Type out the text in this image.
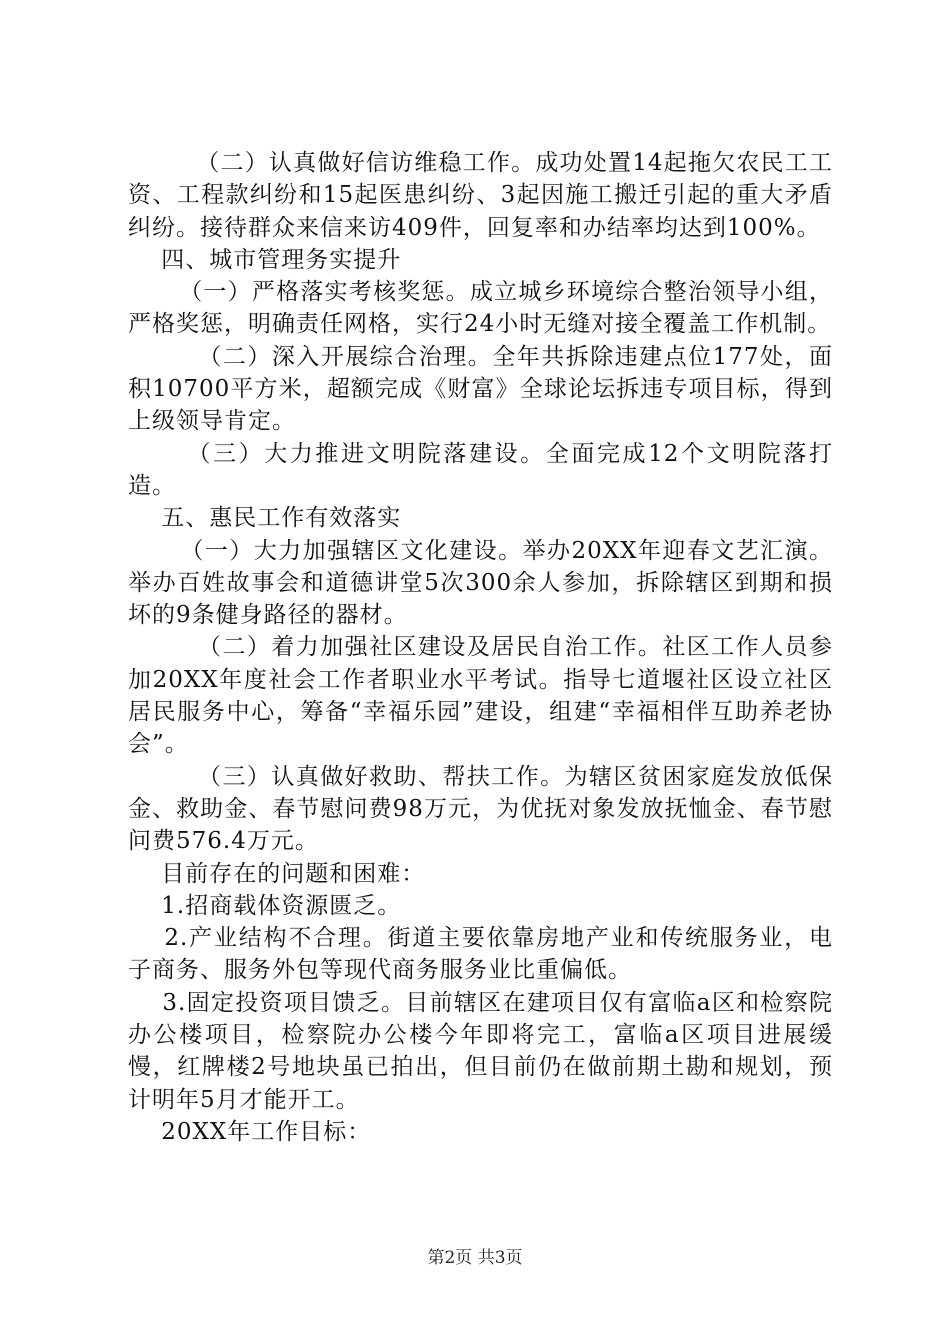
（二）认真做好信访维稳工作。成功处置14起拖欠农民工工资、工程款纠纷和15起医患纠纷、3起因施工搬迁引起的重大矛盾纠纷。接待群众来信来访409件，回复率和办结率均达到100%。

四、城市管理务实提升

（一）严格落实考核奖惩。成立城乡环境综合整治领导小组，严格奖惩，明确责任网格，实行24小时无缝对接全覆盖工作机制。

（二）深入开展综合治理。全年共拆除违建点位177处，面积10700平方米，超额完成《财富》全球论坛拆违专项目标，得到上级领导肯定。

（三）大力推进文明院落建设。全面完成12个文明院落打造。

五、惠民工作有效落实

（一）大力加强辖区文化建设。举办20XX年迎春文艺汇演。举办百姓故事会和道德讲堂5次300余人参加，拆除辖区到期和损坏的9条健身路径的器材。

（二）着力加强社区建设及居民自治工作。社区工作人员参加20XX年度社会工作者职业水平考试。指导七道堰社区设立社区居民服务中心，筹备“幸福乐园”建设，组建“幸福相伴互助养老协会”。

（三）认真做好救助、帮扶工作。为辖区贫困家庭发放低保金、救助金、春节慰问费98万元，为优抚对象发放抚恤金、春节慰问费576.4万元。

目前存在的问题和困难：

1.招商载体资源匮乏。

2.产业结构不合理。街道主要依靠房地产业和传统服务业，电子商务、服务外包等现代商务服务业比重偏低。

3.固定投资项目馈乏。目前辖区在建项目仅有富临a区和检察院办公楼项目，检察院办公楼今年即将完工，富临a区项目进展缓慢，红牌楼2号地块虽已拍出，但目前仍在做前期土勘和规划，预计明年5月才能开工。

20XX年工作目标：

第2页 共3页
